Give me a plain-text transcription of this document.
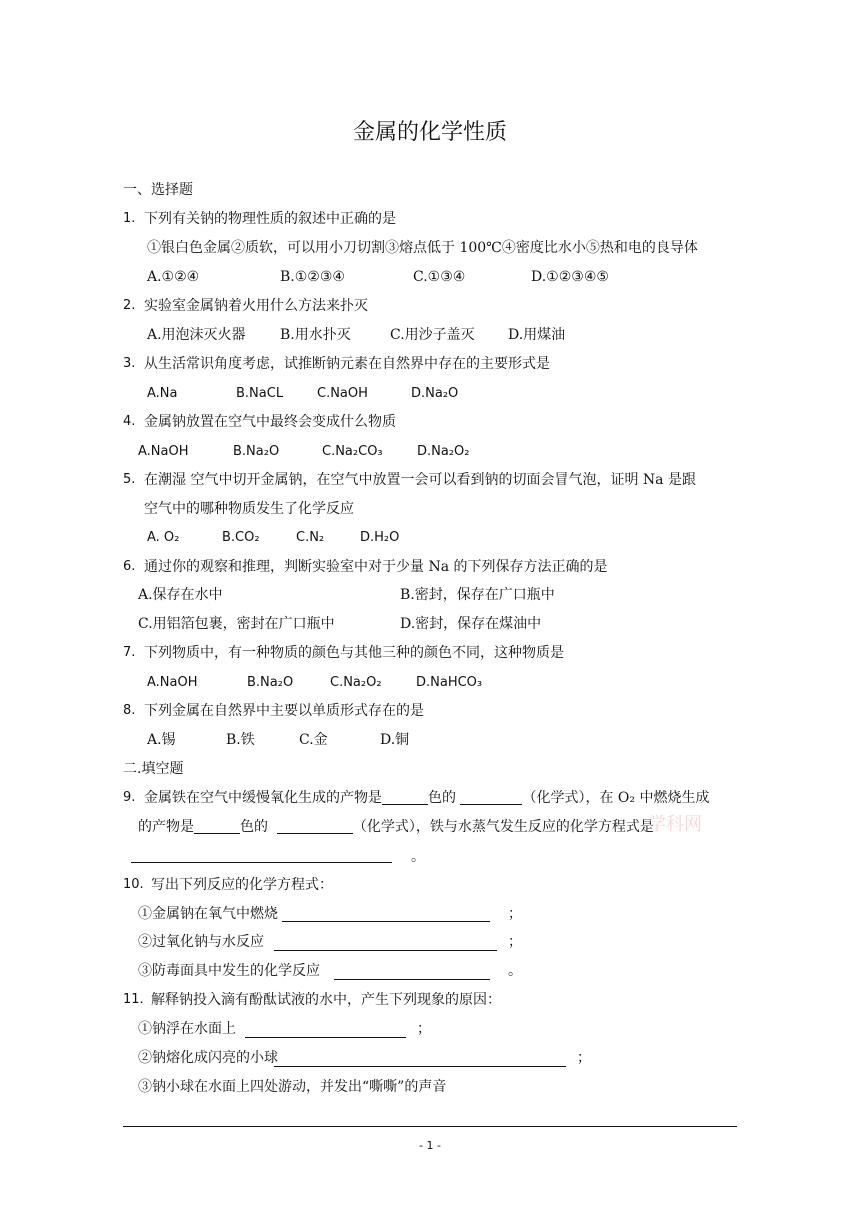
金属的化学性质
一、选择题
1. 下列有关钠的物理性质的叙述中正确的是
①银白色金属②质软，可以用小刀切割③熔点低于 100℃④密度比水小⑤热和电的良导体
A.①②④	B.①②③④	C.①③④	D.①②③④⑤
2. 实验室金属钠着火用什么方法来扑灭
A.用泡沫灭火器 B.用水扑灭	C.用沙子盖灭 D.用煤油
3. 从生活常识角度考虑，试推断钠元素在自然界中存在的主要形式是
A.Na	B.NaCL	C.NaOH	D.Na₂O
4. 金属钠放置在空气中最终会变成什么物质
A.NaOH	B.Na₂O	C.Na₂CO₃	D.Na₂O₂
5. 在潮湿 空气中切开金属钠，在空气中放置一会可以看到钠的切面会冒气泡，证明 Na 是跟
空气中的哪种物质发生了化学反应
A. O₂	B.CO₂	C.N₂	D.H₂O
6. 通过你的观察和推理，判断实验室中对于少量 Na 的下列保存方法正确的是
A.保存在水中	B.密封，保存在广口瓶中
C.用铝箔包裹，密封在广口瓶中	D.密封，保存在煤油中
7. 下列物质中，有一种物质的颜色与其他三种的颜色不同，这种物质是
A.NaOH	B.Na₂O	C.Na₂O₂	D.NaHCO₃
8. 下列金属在自然界中主要以单质形式存在的是
A.锡	B.铁	C.金	D.铜
二.填空题
9. 金属铁在空气中缓慢氧化生成的产物是	色的	（化学式），在 O₂ 中燃烧生成
的产物是	色的	（化学式），铁与水蒸气发生反应的化学方程式是
学科网
。
10. 写出下列反应的化学方程式：
①金属钠在氧气中燃烧	；
②过氧化钠与水反应	；
③防毒面具中发生的化学反应	。
11. 解释钠投入滴有酚酞试液的水中，产生下列现象的原因：
①钠浮在水面上	；
②钠熔化成闪亮的小球	；
③钠小球在水面上四处游动，并发出“嘶嘶”的声音
- 1 -
